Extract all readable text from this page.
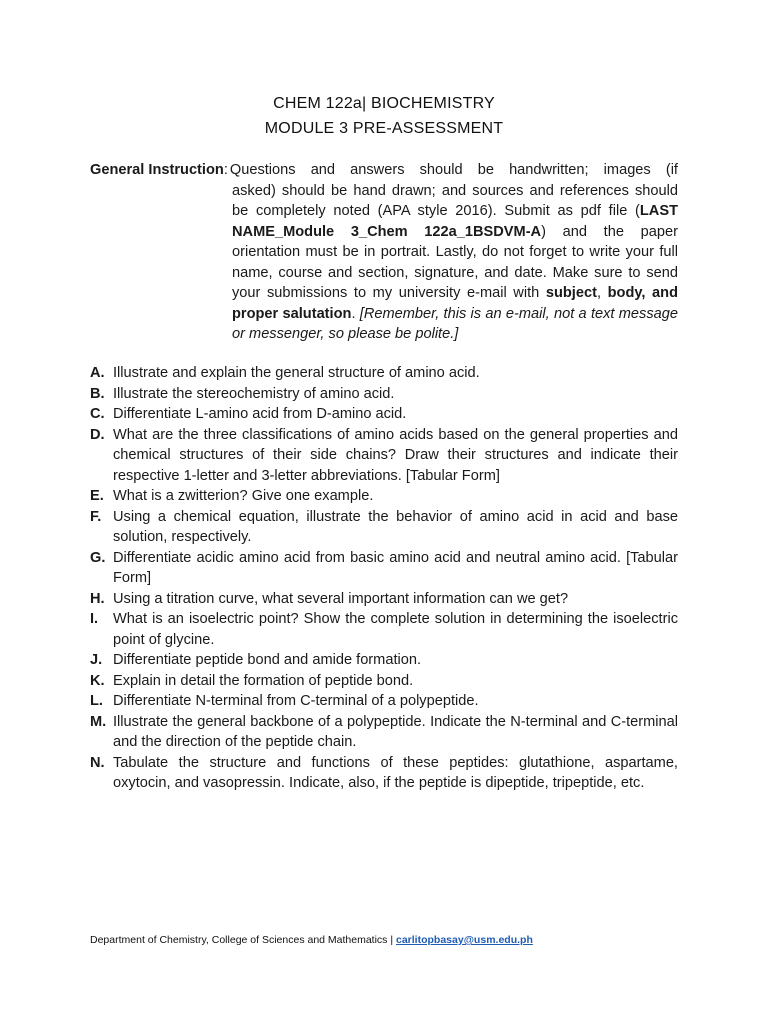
CHEM 122a| BIOCHEMISTRY
MODULE 3 PRE-ASSESSMENT
General Instruction: Questions and answers should be handwritten; images (if
asked) should be hand drawn; and sources and references should be completely noted (APA style 2016). Submit as pdf file (LAST NAME_Module 3_Chem 122a_1BSDVM-A) and the paper orientation must be in portrait. Lastly, do not forget to write your full name, course and section, signature, and date. Make sure to send your submissions to my university e-mail with subject, body, and proper salutation. [Remember, this is an e-mail, not a text message or messenger, so please be polite.]
A. Illustrate and explain the general structure of amino acid.
B. Illustrate the stereochemistry of amino acid.
C. Differentiate L-amino acid from D-amino acid.
D. What are the three classifications of amino acids based on the general properties and chemical structures of their side chains? Draw their structures and indicate their respective 1-letter and 3-letter abbreviations. [Tabular Form]
E. What is a zwitterion? Give one example.
F. Using a chemical equation, illustrate the behavior of amino acid in acid and base solution, respectively.
G. Differentiate acidic amino acid from basic amino acid and neutral amino acid. [Tabular Form]
H. Using a titration curve, what several important information can we get?
I.	What is an isoelectric point? Show the complete solution in determining the isoelectric point of glycine.
J. Differentiate peptide bond and amide formation.
K. Explain in detail the formation of peptide bond.
L. Differentiate N-terminal from C-terminal of a polypeptide.
M. Illustrate the general backbone of a polypeptide. Indicate the N-terminal and C-terminal and the direction of the peptide chain.
N. Tabulate the structure and functions of these peptides: glutathione, aspartame, oxytocin, and vasopressin. Indicate, also, if the peptide is dipeptide, tripeptide, etc.
Department of Chemistry, College of Sciences and Mathematics | carlitopbasay@usm.edu.ph
